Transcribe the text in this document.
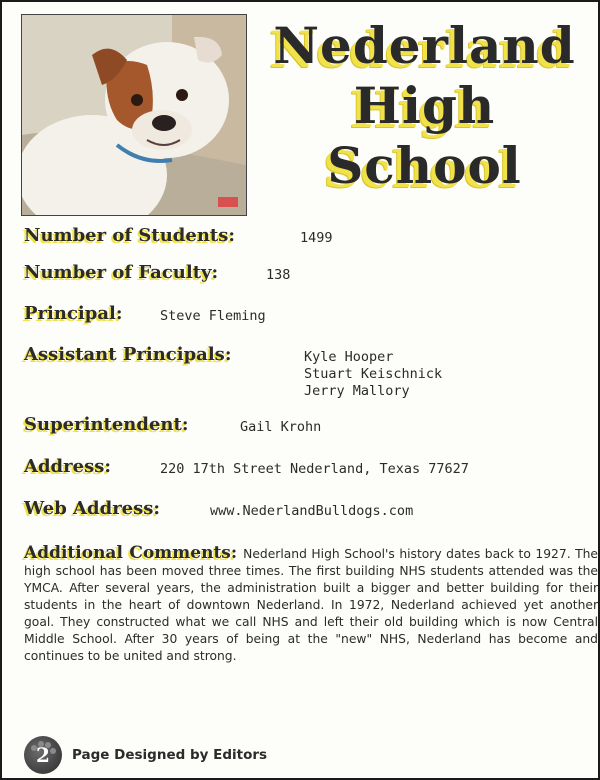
Nederland
High
School
Number of Students:	1499
Number of Faculty:	138
Principal:	Steve Fleming
Assistant Principals:	Kyle Hooper
Stuart Keischnick
Jerry Mallory
Superintendent:	Gail Krohn
Address:	220 17th Street Nederland, Texas 77627
Web Address:	www.NederlandBulldogs.com
Additional Comments: Nederland High School's history dates back to 1927. The high school has been moved three times. The first building NHS students attended was the YMCA. After several years, the administration built a bigger and better building for their students in the heart of downtown Nederland. In 1972, Nederland achieved yet another goal. They constructed what we call NHS and left their old building which is now Central Middle School. After 30 years of being at the "new" NHS, Nederland has become and continues to be united and strong.
2 Page Designed by Editors
